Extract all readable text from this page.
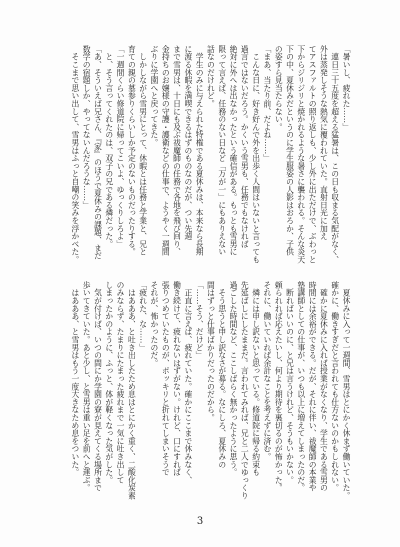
「暑いし、疲れた……」
　連日三十五度を超える猛暑は、この日も収まる気配がなく、
外は蒸発しそうな熱気に覆われていた。直射日光に加え
てアスファルトの照り返しも、少し外に出ただけで、ぶわっと
下からジリジリと焼かれるような暑さに襲われる。そんな炎天
下の中、夏休みだというのに学生服姿の人影はおろか、子供
の姿すら見当たらない。
「まあ、当たり前、だよね……」
　こんな日に、好き好んで外を出歩く人間はいないと言っても
過言ではないだろう。かくいう雪男も、任務でもなければ
絶対に外へは出なかったという確信がある。もっとも雪男に
限って言えば、任務のない日など「万が一」にもありえない
話なのだけれど。
　学生のみに与えられた特権である夏休みは、本来なら長期
に渡る休暇を満喫できるはずのものなのだが、つい先週
まで雪男は、十日にも及ぶ祓魔師の任務で各地を飛び回り、
金持ちのお嬢様の守護・護衛などの仕事で、ようやく一週間
ぶりに学園へと戻ってきた。
　しかしながら雪男にとって、休暇とは任務と学業と、兄と
育ての親の墓参りくらいしか予定のないものだったりする。
「一週間くらい修道院に帰ってこいよ、ゆっくりしろよ」
　と、そう言ってくれたのは、双子の兄である燐だった。
「あ、そういえば兄さん、『家』のほうで夏休みの課題、まだ
数学の宿題しか、やってないんだろうな……」
　そこまで思い出して、雪男はふっと自嘲の笑みを浮かべた。
　夏休みに入って一週間、雪男はとにかく休まず働いていた。
確かに、働きすぎだと言われても仕方ないのかもしれない。
　確かに夏休みに入れば授業がなくなり、学生である雪男の
時間には余裕ができる。だが、それに伴い、祓魔師の本業や
塾講師としての仕事が、いつも以上に増えてしまったのだ。
　断ればいいのに、と兄は言うけれど、そうもいかない。
頼られれば応えたいし、何より期待を裏切るのが怖かった。
それに、働いていれば余計なことを考えずに済む。
　燐には申し訳ないと思っている。修道院に帰る約束も
先延ばしにしたままだ。言われてみれば、兄と二人でゆっくり
過ごした時間など、ここしばらく無かったように思う。
　そう思うと申し訳なさが募る。なにしろ、夏休みの
間はずっと仕事ばかりだったのだから。
「……そう、だけど」
　正直に言えば、疲れていた。確かにここまで休みなく、
働き続けて、疲れないはずがない。けれど、口にすれば
張りつめていたものが、ポッキリと折れてしまいそうで
それが、怖かったのだ。
「疲れた、な……」
　はあああ、と吐き出したため息はとにかく重く、二酸化炭素
のみならず、たまりにたまった疲れまで一気に吐き出して
しまったかのように、ふっと、体が軽くなった気がした。
　気が付けば、いつの間にか学園の寮が見えてくる場所まで
歩いてきていた。あと少し、と雪男は重い足を前へと運ぶ。
　はあああ、と雪男はもう一度大きなため息をついた。
3
